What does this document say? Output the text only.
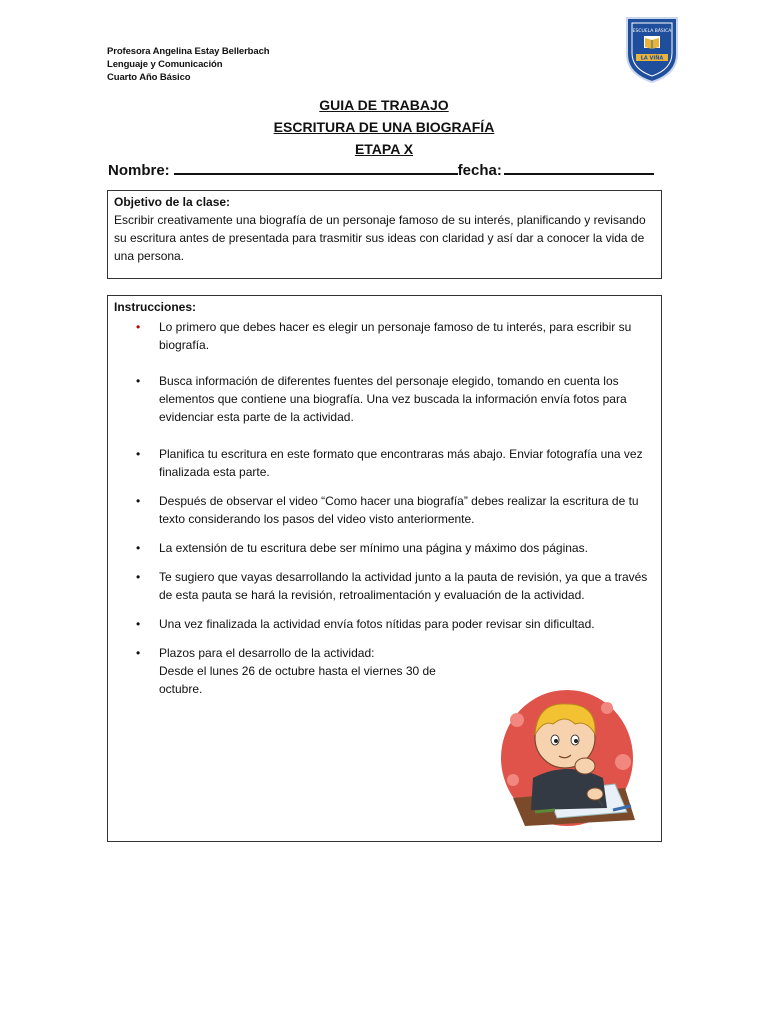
Profesora Angelina Estay Bellerbach
Lenguaje y Comunicación
Cuarto Año Básico
ESCUELA BÁSICA
LA VIÑA
GUIA DE TRABAJO
ESCRITURA DE UNA BIOGRAFÍA
ETAPA X
Nombre:	fecha:
Objetivo de la clase:
Escribir creativamente una biografía de un personaje famoso de su interés, planificando y revisando su escritura antes de presentada para trasmitir sus ideas con claridad y así dar a conocer la vida de una persona.
Instrucciones:
• Lo primero que debes hacer es elegir un personaje famoso de tu interés, para escribir su biografía.
• Busca información de diferentes fuentes del personaje elegido, tomando en cuenta los elementos que contiene una biografía. Una vez buscada la información envía fotos para evidenciar esta parte de la actividad.
• Planifica tu escritura en este formato que encontraras más abajo. Enviar fotografía una vez finalizada esta parte.
• Después de observar el video “Como hacer una biografía” debes realizar la escritura de tu texto considerando los pasos del video visto anteriormente.
• La extensión de tu escritura debe ser mínimo una página y máximo dos páginas.
• Te sugiero que vayas desarrollando la actividad junto a la pauta de revisión, ya que a través de esta pauta se hará la revisión, retroalimentación y evaluación de la actividad.
• Una vez finalizada la actividad envía fotos nítidas para poder revisar sin dificultad.
• Plazos para el desarrollo de la actividad:
Desde el lunes 26 de octubre hasta el viernes 30 de octubre.
